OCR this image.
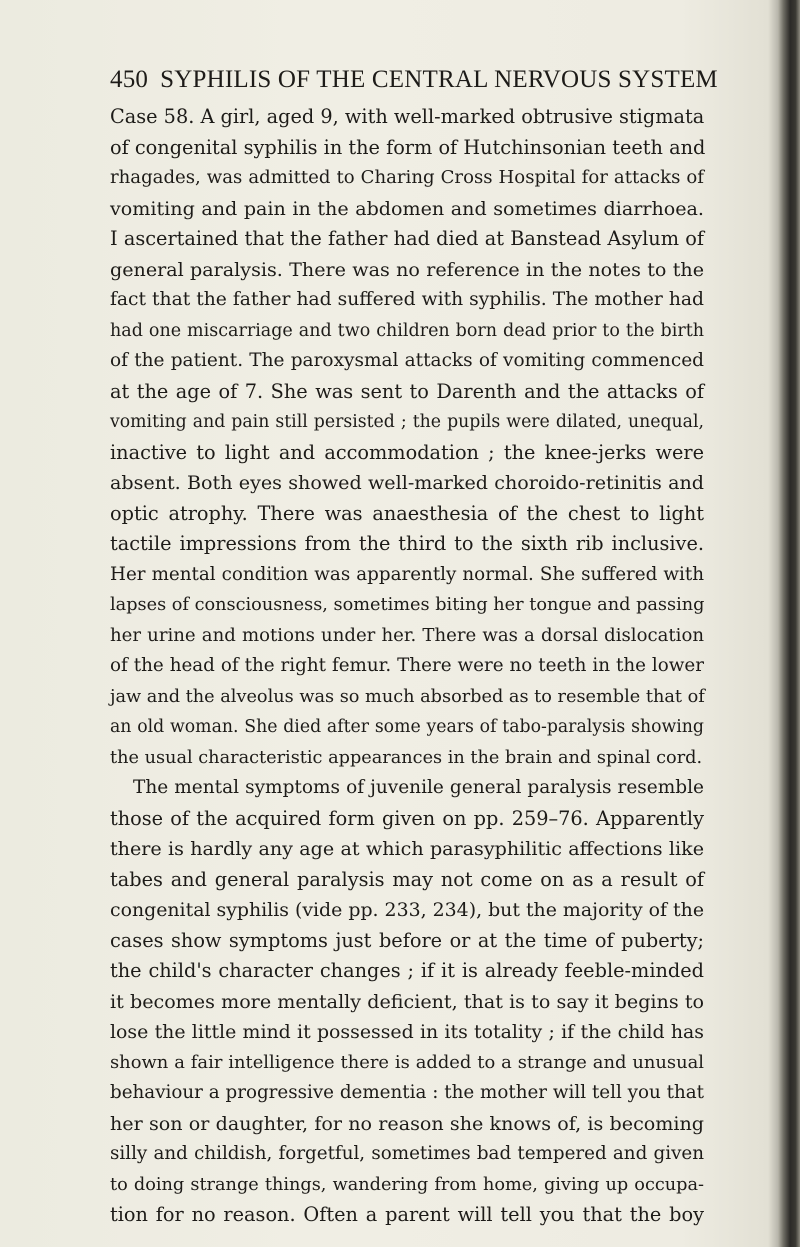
450 SYPHILIS OF THE CENTRAL NERVOUS SYSTEM
Case 58. A girl, aged 9, with well-marked obtrusive stigmata
of congenital syphilis in the form of Hutchinsonian teeth and
rhagades, was admitted to Charing Cross Hospital for attacks of
vomiting and pain in the abdomen and sometimes diarrhoea.
I ascertained that the father had died at Banstead Asylum of
general paralysis. There was no reference in the notes to the
fact that the father had suffered with syphilis. The mother had
had one miscarriage and two children born dead prior to the birth
of the patient. The paroxysmal attacks of vomiting commenced
at the age of 7. She was sent to Darenth and the attacks of
vomiting and pain still persisted ; the pupils were dilated, unequal,
inactive to light and accommodation ; the knee-jerks were
absent. Both eyes showed well-marked choroido-retinitis and
optic atrophy. There was anaesthesia of the chest to light
tactile impressions from the third to the sixth rib inclusive.
Her mental condition was apparently normal. She suffered with
lapses of consciousness, sometimes biting her tongue and passing
her urine and motions under her. There was a dorsal dislocation
of the head of the right femur. There were no teeth in the lower
jaw and the alveolus was so much absorbed as to resemble that of
an old woman. She died after some years of tabo-paralysis showing
the usual characteristic appearances in the brain and spinal cord.
The mental symptoms of juvenile general paralysis resemble
those of the acquired form given on pp. 259–76. Apparently
there is hardly any age at which parasyphilitic affections like
tabes and general paralysis may not come on as a result of
congenital syphilis (vide pp. 233, 234), but the majority of the
cases show symptoms just before or at the time of puberty;
the child's character changes ; if it is already feeble-minded
it becomes more mentally deficient, that is to say it begins to
lose the little mind it possessed in its totality ; if the child has
shown a fair intelligence there is added to a strange and unusual
behaviour a progressive dementia : the mother will tell you that
her son or daughter, for no reason she knows of, is becoming
silly and childish, forgetful, sometimes bad tempered and given
to doing strange things, wandering from home, giving up occupa-
tion for no reason. Often a parent will tell you that the boy
